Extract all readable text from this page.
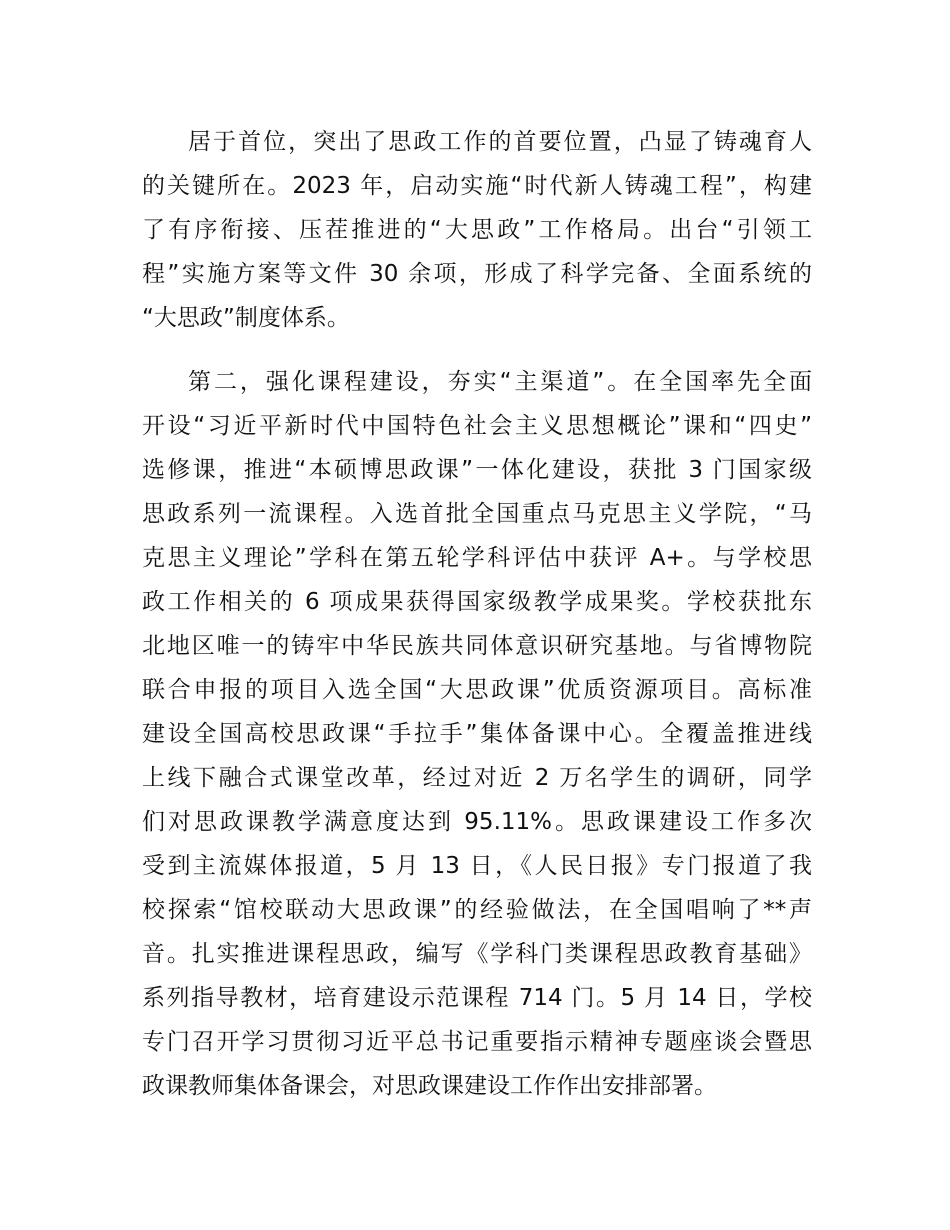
居于首位，突出了思政工作的首要位置，凸显了铸魂育人
的关键所在。2023 年，启动实施“时代新人铸魂工程”，构建
了有序衔接、压茬推进的“大思政”工作格局。出台“引领工
程”实施方案等文件 30 余项，形成了科学完备、全面系统的
“大思政”制度体系。
第二，强化课程建设，夯实“主渠道”。在全国率先全面
开设“习近平新时代中国特色社会主义思想概论”课和“四史”
选修课，推进“本硕博思政课”一体化建设，获批 3 门国家级
思政系列一流课程。入选首批全国重点马克思主义学院，“马
克思主义理论”学科在第五轮学科评估中获评 A+。与学校思
政工作相关的 6 项成果获得国家级教学成果奖。学校获批东
北地区唯一的铸牢中华民族共同体意识研究基地。与省博物院
联合申报的项目入选全国“大思政课”优质资源项目。高标准
建设全国高校思政课“手拉手”集体备课中心。全覆盖推进线
上线下融合式课堂改革，经过对近 2 万名学生的调研，同学
们对思政课教学满意度达到 95.11%。思政课建设工作多次
受到主流媒体报道，5 月 13 日，《人民日报》专门报道了我
校探索“馆校联动大思政课”的经验做法，在全国唱响了**声
音。扎实推进课程思政，编写《学科门类课程思政教育基础》
系列指导教材，培育建设示范课程 714 门。5 月 14 日，学校
专门召开学习贯彻习近平总书记重要指示精神专题座谈会暨思
政课教师集体备课会，对思政课建设工作作出安排部署。
